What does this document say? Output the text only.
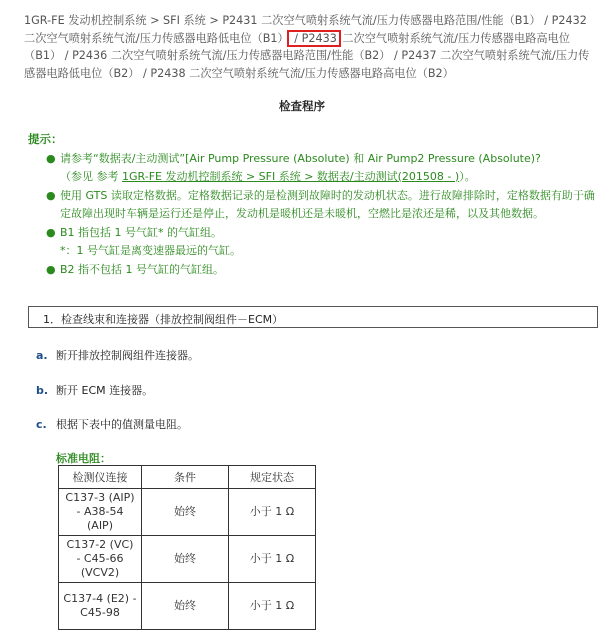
1GR-FE 发动机控制系统 > SFI 系统 > P2431 二次空气喷射系统气流/压力传感器电路范围/性能（B1） / P2432 二次空气喷射系统气流/压力传感器电路低电位（B1） / P2433 二次空气喷射系统气流/压力传感器电路高电位（B1） / P2436 二次空气喷射系统气流/压力传感器电路范围/性能（B2） / P2437 二次空气喷射系统气流/压力传感器电路低电位（B2） / P2438 二次空气喷射系统气流/压力传感器电路高电位（B2）
检查程序
提示：
● 请参考“数据表/主动测试”[Air Pump Pressure (Absolute) 和 Air Pump2 Pressure (Absolute)?
（参见 参考 1GR-FE 发动机控制系统 > SFI 系统 > 数据表/主动测试(201508 - )）。
● 使用 GTS 读取定格数据。定格数据记录的是检测到故障时的发动机状态。进行故障排除时，定格数据有助于确定故障出现时车辆是运行还是停止，发动机是暖机还是未暖机，空燃比是浓还是稀，以及其他数据。
● B1 指包括 1 号气缸* 的气缸组。
*：1 号气缸是离变速器最远的气缸。
● B2 指不包括 1 号气缸的气缸组。
1．检查线束和连接器（排放控制阀组件－ECM）
a. 断开排放控制阀组件连接器。
b. 断开 ECM 连接器。
c. 根据下表中的值测量电阻。
标准电阻：
检测仪连接	条件	规定状态
C137-3 (AIP) - A38-54 (AIP)	始终	小于 1 Ω
C137-2 (VC) - C45-66 (VCV2)	始终	小于 1 Ω
C137-4 (E2) - C45-98	始终	小于 1 Ω
